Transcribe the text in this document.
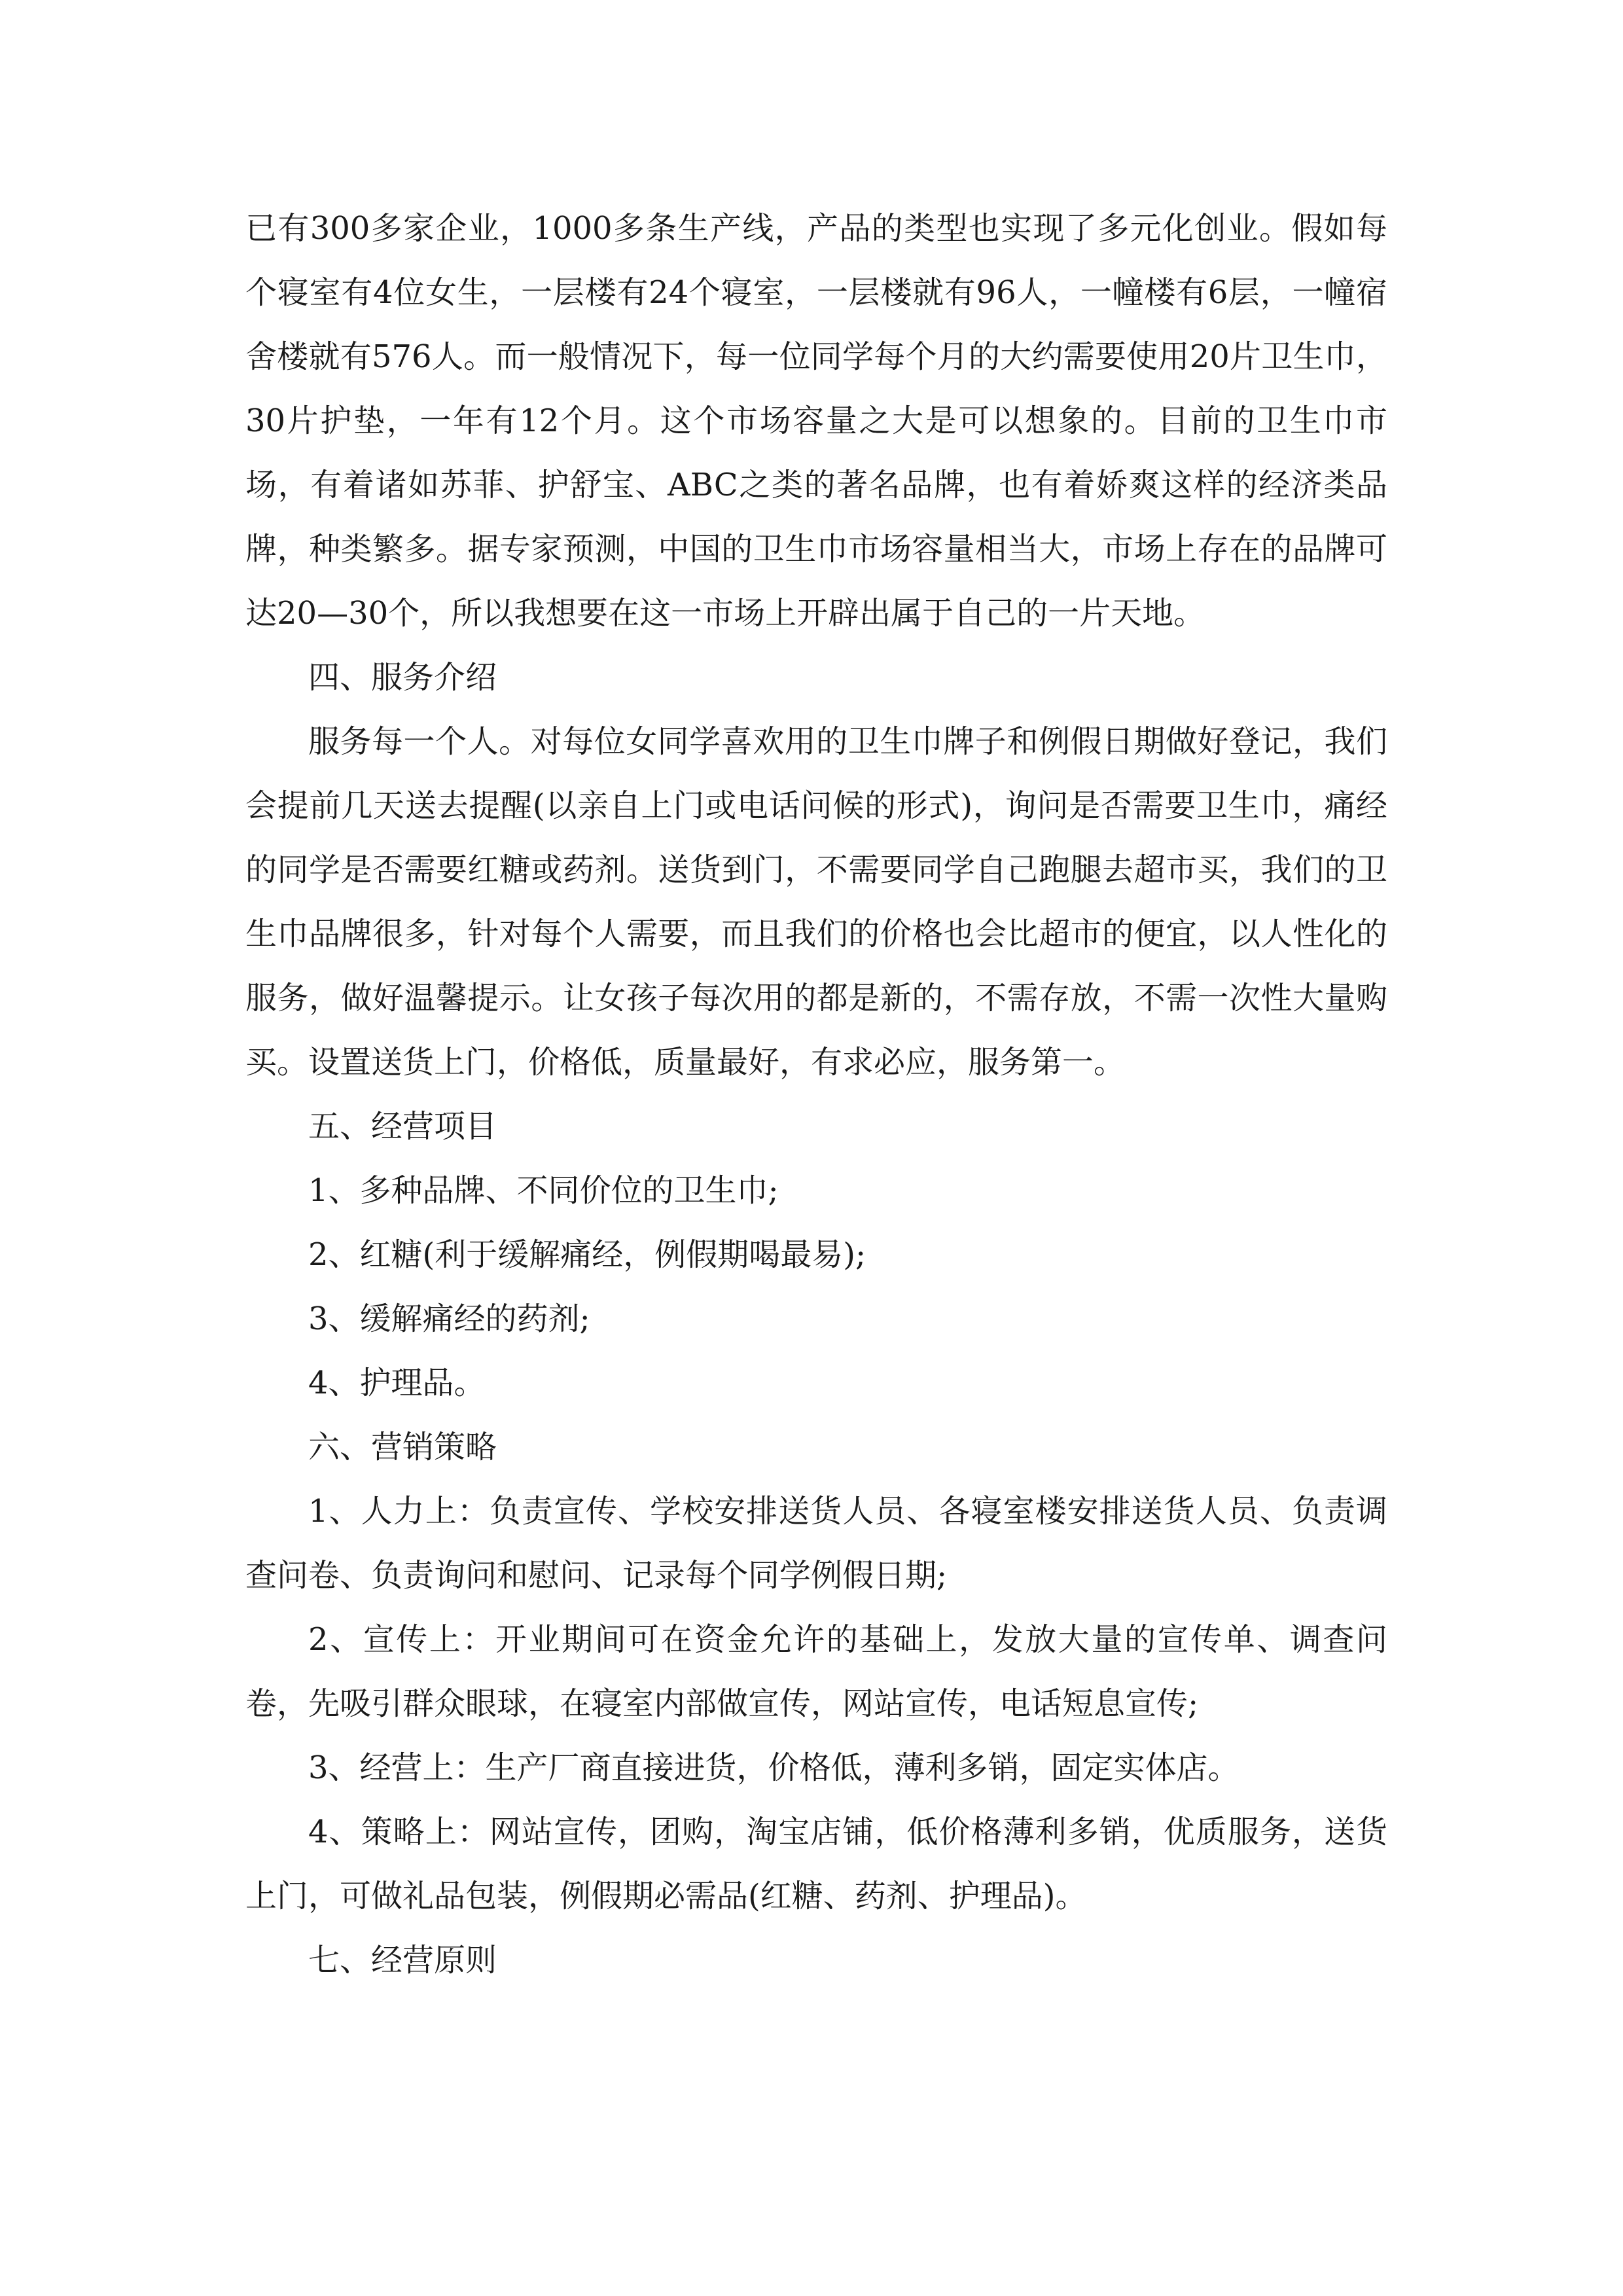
已有300多家企业，1000多条生产线，产品的类型也实现了多元化创业。假如每个寝室有4位女生，一层楼有24个寝室，一层楼就有96人，一幢楼有6层，一幢宿舍楼就有576人。而一般情况下，每一位同学每个月的大约需要使用20片卫生巾，30片护垫，一年有12个月。这个市场容量之大是可以想象的。目前的卫生巾市场，有着诸如苏菲、护舒宝、ABC之类的著名品牌，也有着娇爽这样的经济类品牌，种类繁多。据专家预测，中国的卫生巾市场容量相当大，市场上存在的品牌可达20—30个，所以我想要在这一市场上开辟出属于自己的一片天地。

四、服务介绍

服务每一个人。对每位女同学喜欢用的卫生巾牌子和例假日期做好登记，我们会提前几天送去提醒(以亲自上门或电话问候的形式)，询问是否需要卫生巾，痛经的同学是否需要红糖或药剂。送货到门，不需要同学自己跑腿去超市买，我们的卫生巾品牌很多，针对每个人需要，而且我们的价格也会比超市的便宜，以人性化的服务，做好温馨提示。让女孩子每次用的都是新的，不需存放，不需一次性大量购买。设置送货上门，价格低，质量最好，有求必应，服务第一。

五、经营项目

1、多种品牌、不同价位的卫生巾;

2、红糖(利于缓解痛经，例假期喝最易);

3、缓解痛经的药剂;

4、护理品。

六、营销策略

1、人力上：负责宣传、学校安排送货人员、各寝室楼安排送货人员、负责调查问卷、负责询问和慰问、记录每个同学例假日期;

2、宣传上：开业期间可在资金允许的基础上，发放大量的宣传单、调查问卷，先吸引群众眼球，在寝室内部做宣传，网站宣传，电话短息宣传;

3、经营上：生产厂商直接进货，价格低，薄利多销，固定实体店。

4、策略上：网站宣传，团购，淘宝店铺，低价格薄利多销，优质服务，送货上门，可做礼品包装，例假期必需品(红糖、药剂、护理品)。

七、经营原则
